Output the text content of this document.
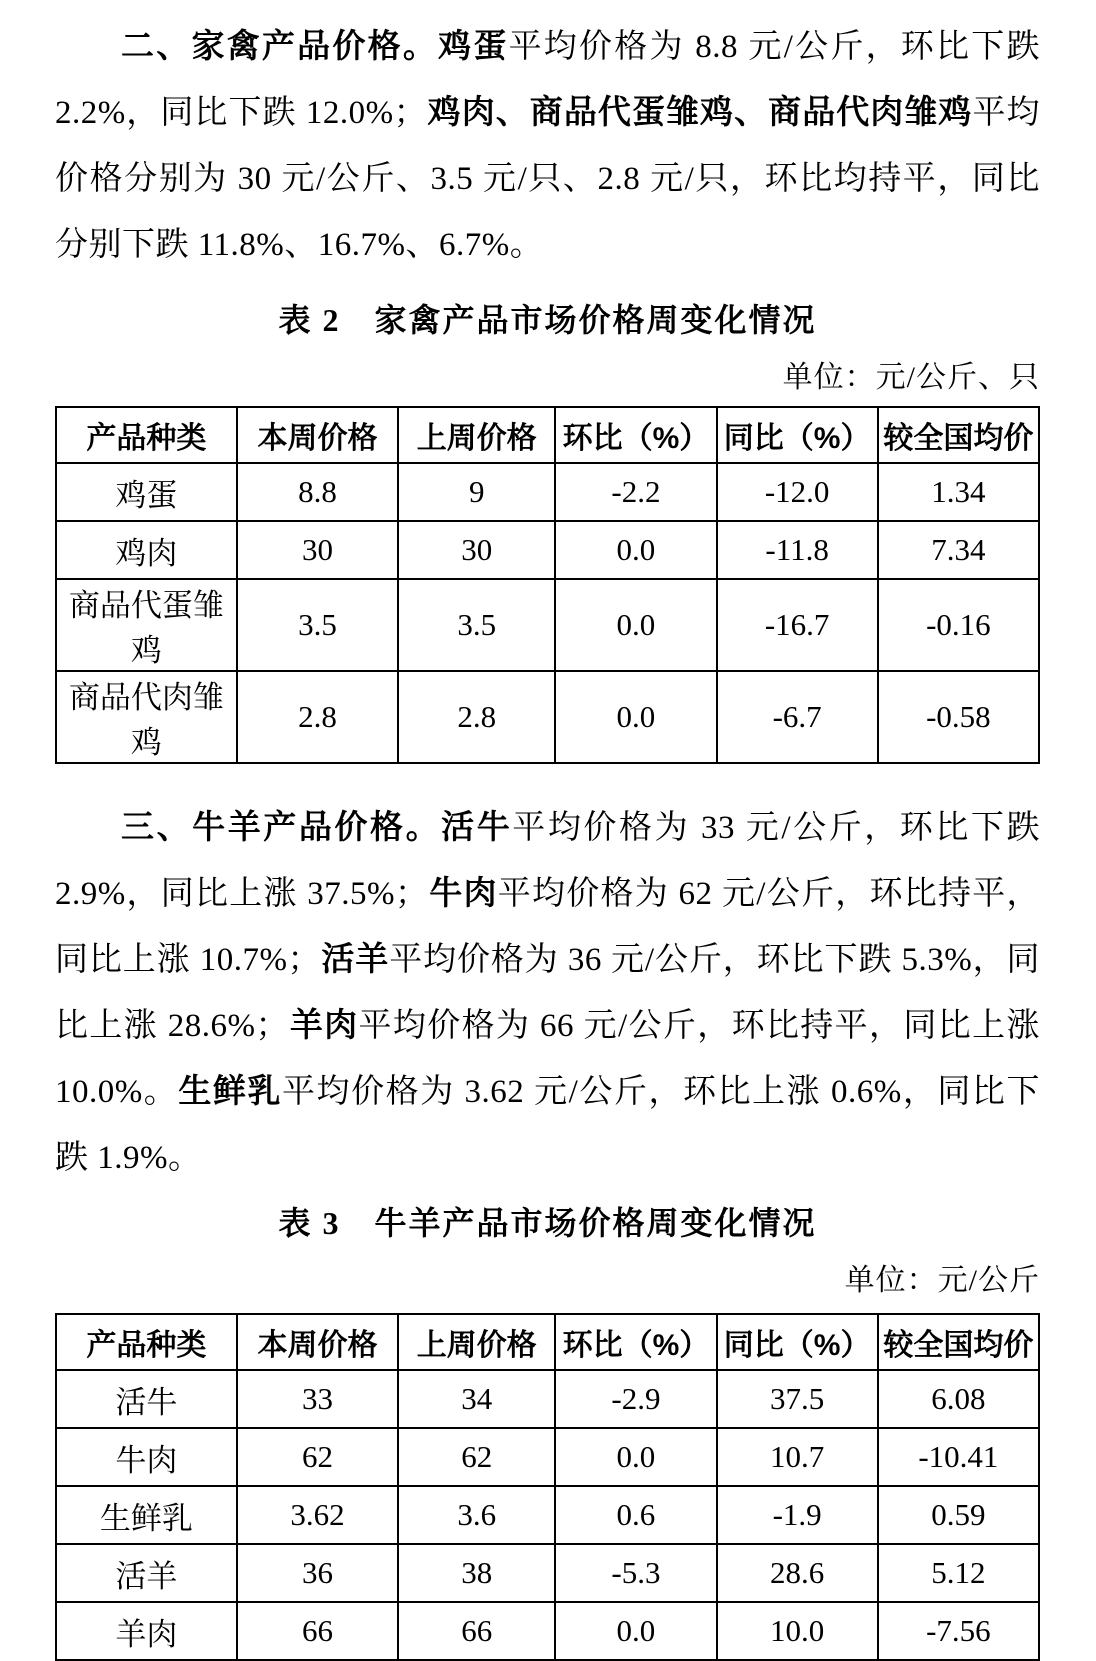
二、家禽产品价格。鸡蛋平均价格为 8.8 元/公斤，环比下跌 2.2%，同比下跌 12.0%；鸡肉、商品代蛋雏鸡、商品代肉雏鸡平均价格分别为 30 元/公斤、3.5 元/只、2.8 元/只，环比均持平，同比分别下跌 11.8%、16.7%、6.7%。

表 2　家禽产品市场价格周变化情况
单位：元/公斤、只
产品种类	本周价格	上周价格	环比（%）	同比（%）	较全国均价
鸡蛋	8.8	9	-2.2	-12.0	1.34
鸡肉	30	30	0.0	-11.8	7.34
商品代蛋雏鸡	3.5	3.5	0.0	-16.7	-0.16
商品代肉雏鸡	2.8	2.8	0.0	-6.7	-0.58

三、牛羊产品价格。活牛平均价格为 33 元/公斤，环比下跌 2.9%，同比上涨 37.5%；牛肉平均价格为 62 元/公斤，环比持平，同比上涨 10.7%；活羊平均价格为 36 元/公斤，环比下跌 5.3%，同比上涨 28.6%；羊肉平均价格为 66 元/公斤，环比持平，同比上涨 10.0%。生鲜乳平均价格为 3.62 元/公斤，环比上涨 0.6%，同比下跌 1.9%。

表 3　牛羊产品市场价格周变化情况
单位：元/公斤
产品种类	本周价格	上周价格	环比（%）	同比（%）	较全国均价
活牛	33	34	-2.9	37.5	6.08
牛肉	62	62	0.0	10.7	-10.41
生鲜乳	3.62	3.6	0.6	-1.9	0.59
活羊	36	38	-5.3	28.6	5.12
羊肉	66	66	0.0	10.0	-7.56
